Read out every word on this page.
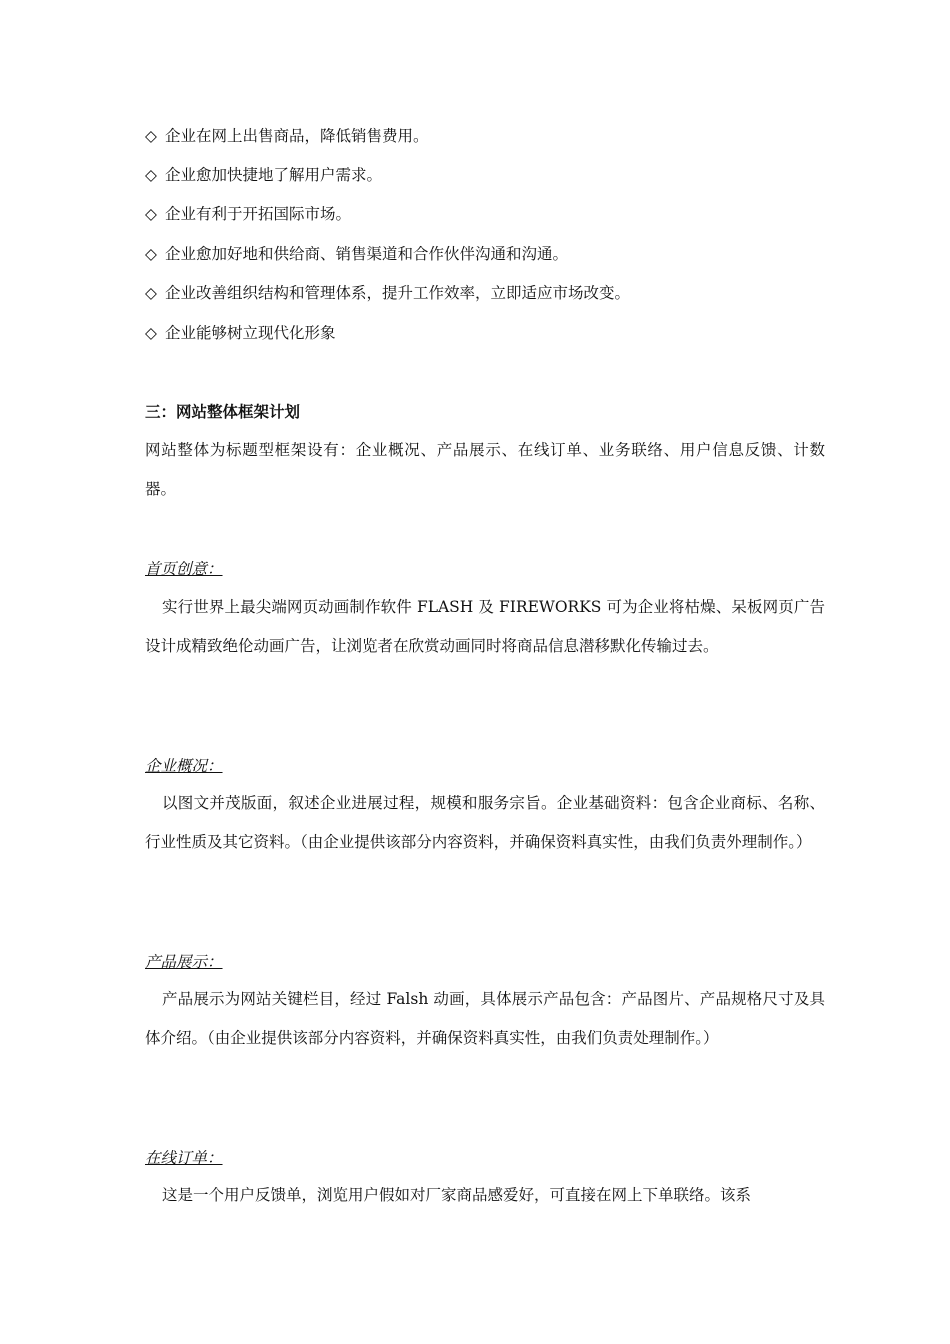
◇ 企业在网上出售商品，降低销售费用。
◇ 企业愈加快捷地了解用户需求。
◇ 企业有利于开拓国际市场。
◇ 企业愈加好地和供给商、销售渠道和合作伙伴沟通和沟通。
◇ 企业改善组织结构和管理体系，提升工作效率，立即适应市场改变。
◇ 企业能够树立现代化形象
三：网站整体框架计划
网站整体为标题型框架设有：企业概况、产品展示、在线订单、业务联络、用户信息反馈、计数器。
首页创意：
实行世界上最尖端网页动画制作软件 FLASH 及 FIREWORKS 可为企业将枯燥、呆板网页广告设计成精致绝伦动画广告，让浏览者在欣赏动画同时将商品信息潜移默化传输过去。
企业概况：
以图文并茂版面，叙述企业进展过程，规模和服务宗旨。企业基础资料：包含企业商标、名称、行业性质及其它资料。（由企业提供该部分内容资料，并确保资料真实性，由我们负责外理制作。）
产品展示：
产品展示为网站关键栏目，经过 Falsh 动画，具体展示产品包含：产品图片、产品规格尺寸及具体介绍。（由企业提供该部分内容资料，并确保资料真实性，由我们负责处理制作。）
在线订单：
这是一个用户反馈单，浏览用户假如对厂家商品感爱好，可直接在网上下单联络。该系
